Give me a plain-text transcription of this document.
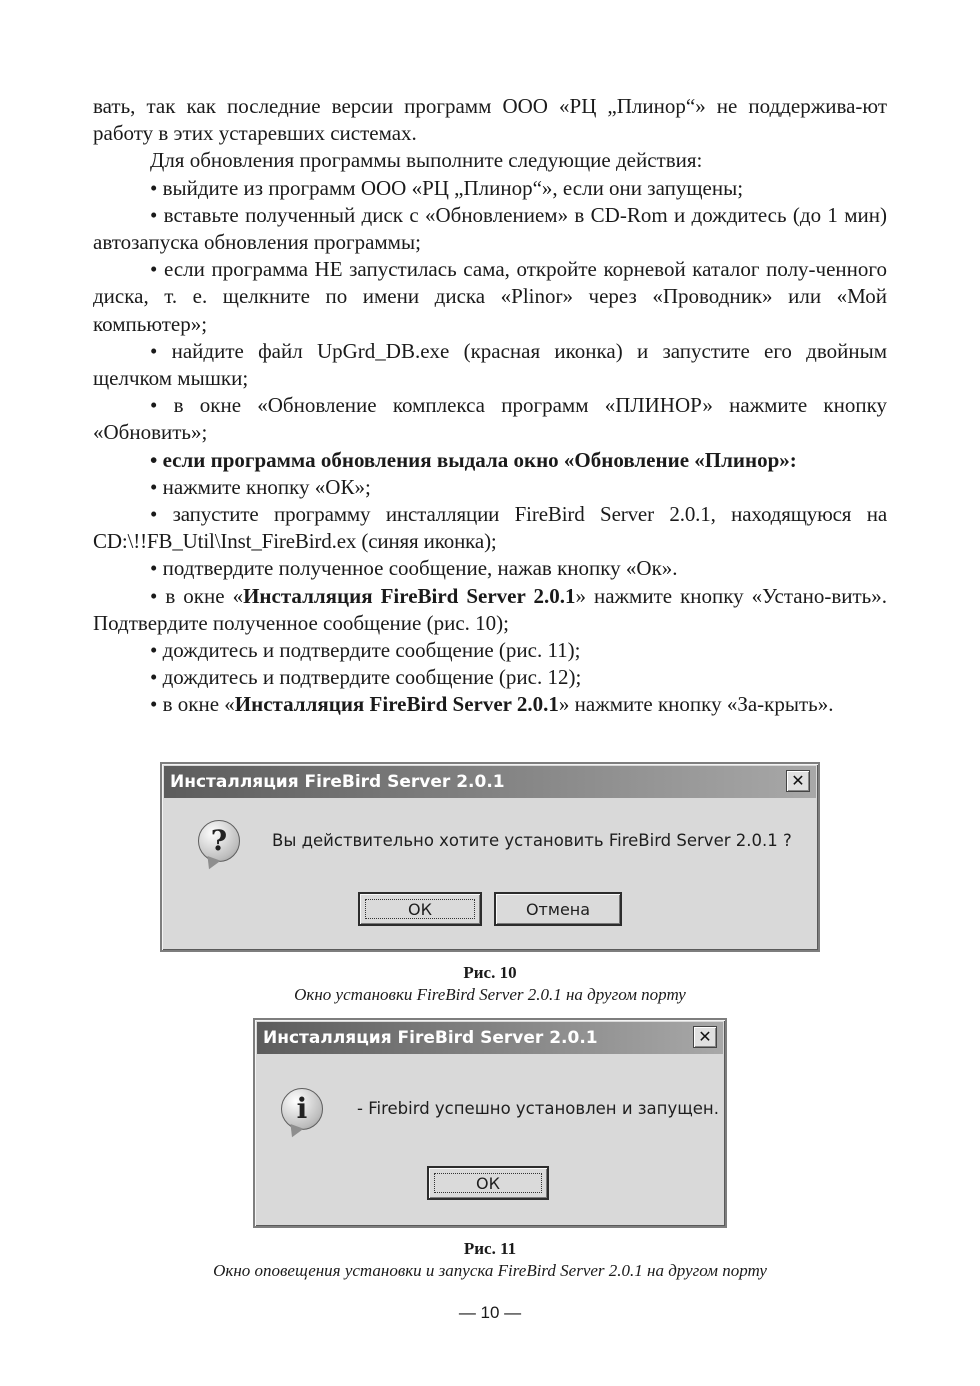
вать, так как последние версии программ ООО «РЦ „Плинор“» не поддержива-ют работу в этих устаревших системах.

Для обновления программы выполните следующие действия:

• выйдите из программ ООО «РЦ „Плинор“», если они запущены;

• вставьте полученный диск с «Обновлением» в CD-Rom и дождитесь (до 1 мин) автозапуска обновления программы;

• если программа НЕ запустилась сама, откройте корневой каталог полу-ченного диска, т. е. щелкните по имени диска «Plinor» через «Проводник» или «Мой компьютер»;

• найдите файл UpGrd_DB.exe (красная иконка) и запустите его двойным щелчком мышки;

• в окне «Обновление комплекса программ «ПЛИНОР» нажмите кнопку «Обновить»;

• если программа обновления выдала окно «Обновление «Плинор»:

• нажмите кнопку «ОК»;

• запустите программу инсталляции FireBird Server 2.0.1, находящуюся на CD:\!!FB_Util\Inst_FireBird.ex (синяя иконка);

• подтвердите полученное сообщение, нажав кнопку «Ок».

• в окне «Инсталляция FireBird Server 2.0.1» нажмите кнопку «Устано-вить». Подтвердите полученное сообщение (рис. 10);

• дождитесь и подтвердите сообщение (рис. 11);

• дождитесь и подтвердите сообщение (рис. 12);

• в окне «Инсталляция FireBird Server 2.0.1» нажмите кнопку «За-крыть».

Инсталляция FireBird Server 2.0.1	✕
?	Вы действительно хотите установить FireBird Server 2.0.1 ?
ОК	Отмена
Рис. 10
Окно установки FireBird Server 2.0.1 на другом порту
Инсталляция FireBird Server 2.0.1	✕
i	- Firebird успешно установлен и запущен.
ОК
Рис. 11
Окно оповещения установки и запуска FireBird Server 2.0.1 на другом порту
— 10 —
